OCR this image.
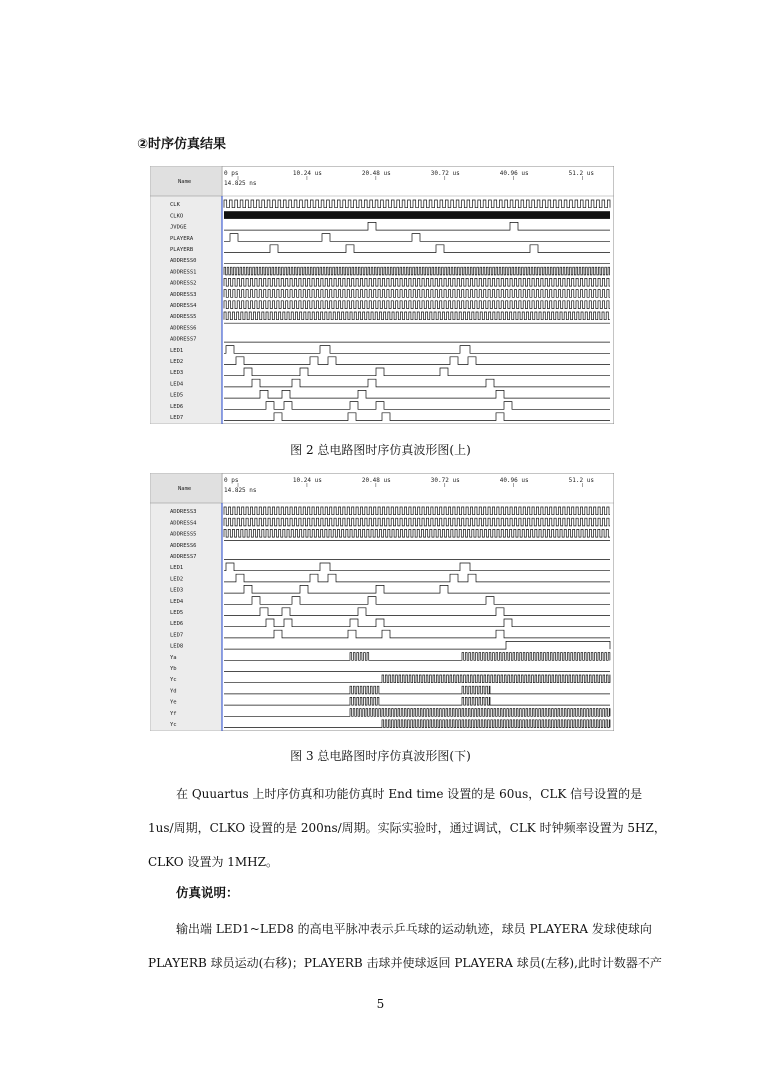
②时序仿真结果
Name
0 ps	10.24 us	20.48 us	30.72 us	40.96 us	51.2 us
14.825 ns
CLK
CLKO
JVDGE
PLAYERA
PLAYERB
ADDRESS0
ADDRESS1
ADDRESS2
ADDRESS3
ADDRESS4
ADDRESS5
ADDRESS6
ADDRESS7
LED1
LED2
LED3
LED4
LED5
LED6
LED7
图 2 总电路图时序仿真波形图(上)
Name
0 ps	10.24 us	20.48 us	30.72 us	40.96 us	51.2 us
14.825 ns
ADDRESS3
ADDRESS4
ADDRESS5
ADDRESS6
ADDRESS7
LED1
LED2
LED3
LED4
LED5
LED6
LED7
LED8
Ya
Yb
Yc
Yd
Ye
Yf
Yc
图 3 总电路图时序仿真波形图(下)
在 Quuartus 上时序仿真和功能仿真时 End time 设置的是 60us，CLK 信号设置的是
1us/周期，CLKO 设置的是 200ns/周期。实际实验时，通过调试，CLK 时钟频率设置为 5HZ，
CLKO 设置为 1MHZ。
仿真说明：
输出端 LED1~LED8 的高电平脉冲表示乒乓球的运动轨迹，球员 PLAYERA 发球使球向
PLAYERB 球员运动(右移)；PLAYERB 击球并使球返回 PLAYERA 球员(左移),此时计数器不产
5
